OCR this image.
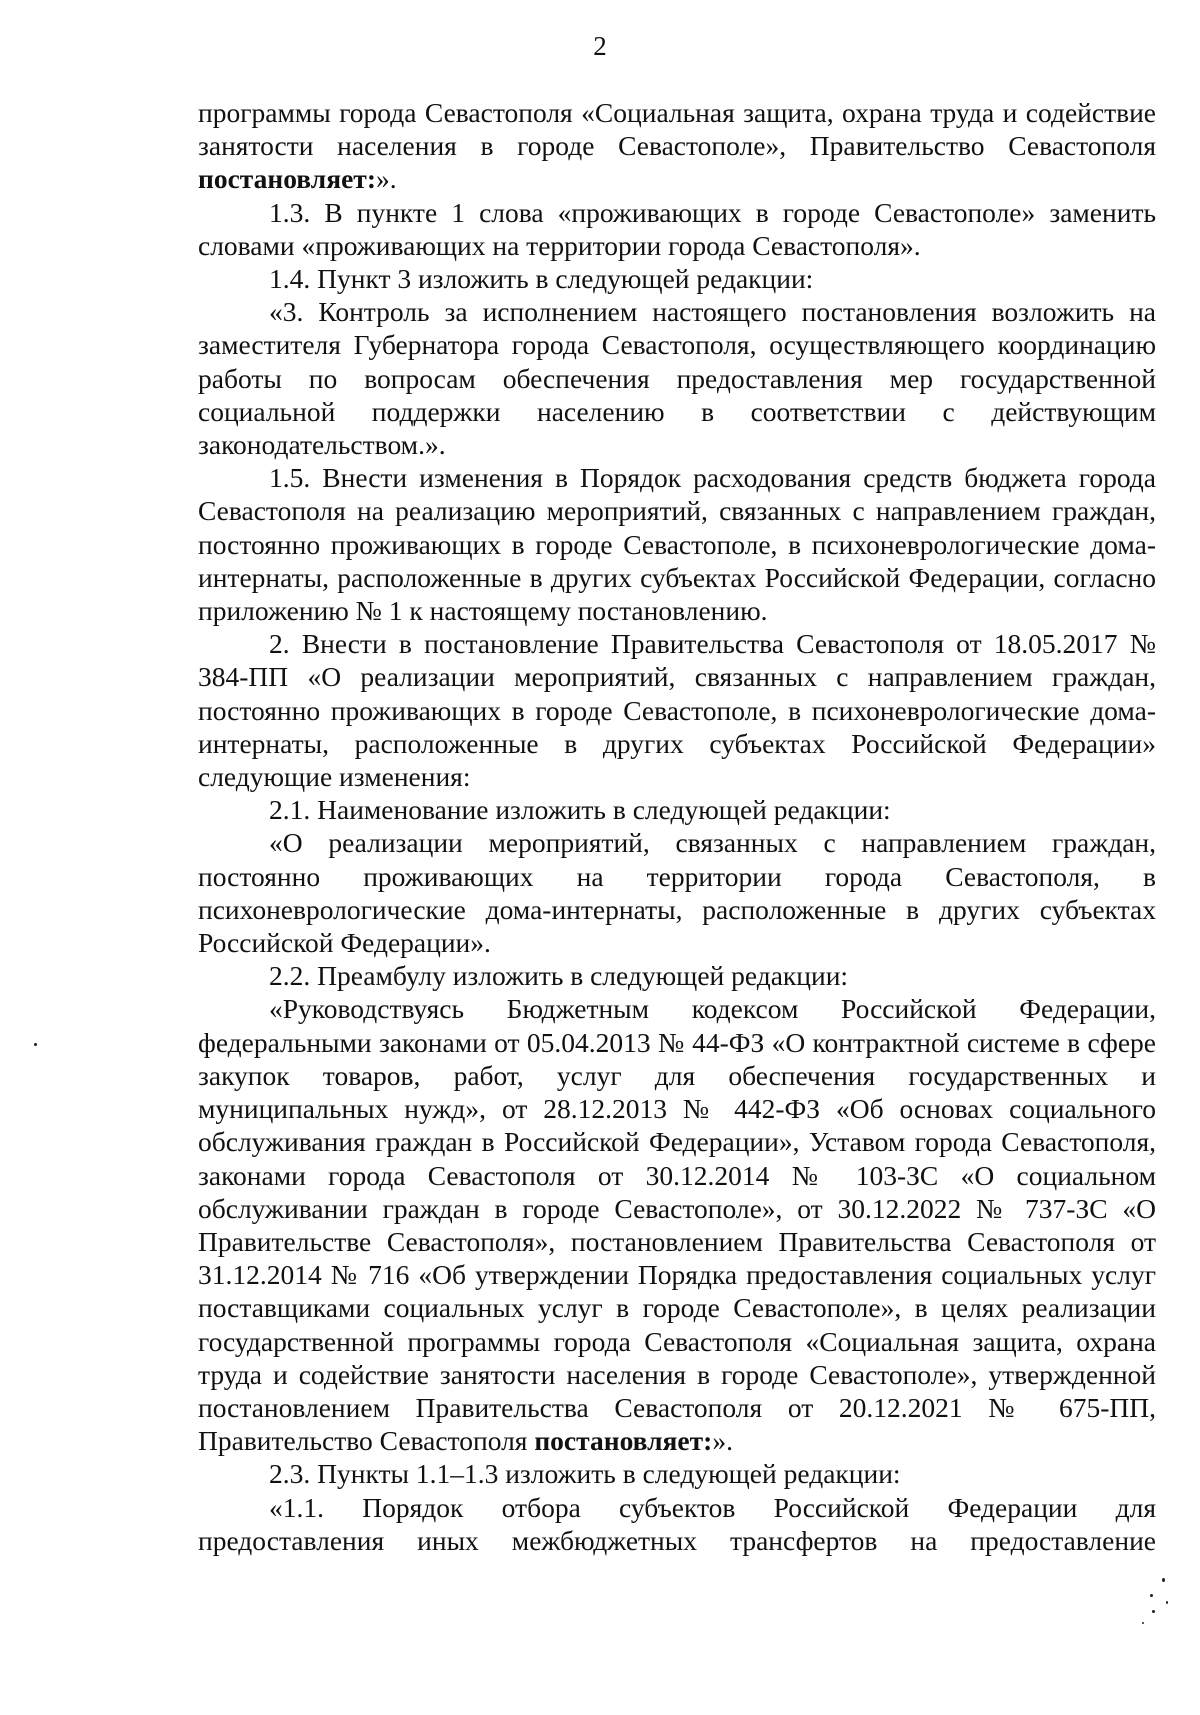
2

программы города Севастополя «Социальная защита, охрана труда и содействие занятости населения в городе Севастополе», Правительство Севастополя постановляет:».

1.3. В пункте 1 слова «проживающих в городе Севастополе» заменить словами «проживающих на территории города Севастополя».

1.4. Пункт 3 изложить в следующей редакции:

«3. Контроль за исполнением настоящего постановления возложить на заместителя Губернатора города Севастополя, осуществляющего координацию работы по вопросам обеспечения предоставления мер государственной социальной поддержки населению в соответствии с действующим законодательством.».

1.5. Внести изменения в Порядок расходования средств бюджета города Севастополя на реализацию мероприятий, связанных с направлением граждан, постоянно проживающих в городе Севастополе, в психоневрологические дома-интернаты, расположенные в других субъектах Российской Федерации, согласно приложению № 1 к настоящему постановлению.

2. Внести в постановление Правительства Севастополя от 18.05.2017 № 384-ПП «О реализации мероприятий, связанных с направлением граждан, постоянно проживающих в городе Севастополе, в психоневрологические дома-интернаты, расположенные в других субъектах Российской Федерации» следующие изменения:

2.1. Наименование изложить в следующей редакции:

«О реализации мероприятий, связанных с направлением граждан, постоянно проживающих на территории города Севастополя, в психоневрологические дома-интернаты, расположенные в других субъектах Российской Федерации».

2.2. Преамбулу изложить в следующей редакции:

«Руководствуясь Бюджетным кодексом Российской Федерации, федеральными законами от 05.04.2013 № 44-ФЗ «О контрактной системе в сфере закупок товаров, работ, услуг для обеспечения государственных и муниципальных нужд», от 28.12.2013 № 442-ФЗ «Об основах социального обслуживания граждан в Российской Федерации», Уставом города Севастополя, законами города Севастополя от 30.12.2014 № 103-ЗС «О социальном обслуживании граждан в городе Севастополе», от 30.12.2022 № 737-ЗС «О Правительстве Севастополя», постановлением Правительства Севастополя от 31.12.2014 № 716 «Об утверждении Порядка предоставления социальных услуг поставщиками социальных услуг в городе Севастополе», в целях реализации государственной программы города Севастополя «Социальная защита, охрана труда и содействие занятости населения в городе Севастополе», утвержденной постановлением Правительства Севастополя от 20.12.2021 № 675-ПП, Правительство Севастополя постановляет:».

2.3. Пункты 1.1–1.3 изложить в следующей редакции:

«1.1. Порядок отбора субъектов Российской Федерации для предоставления иных межбюджетных трансфертов на предоставление
